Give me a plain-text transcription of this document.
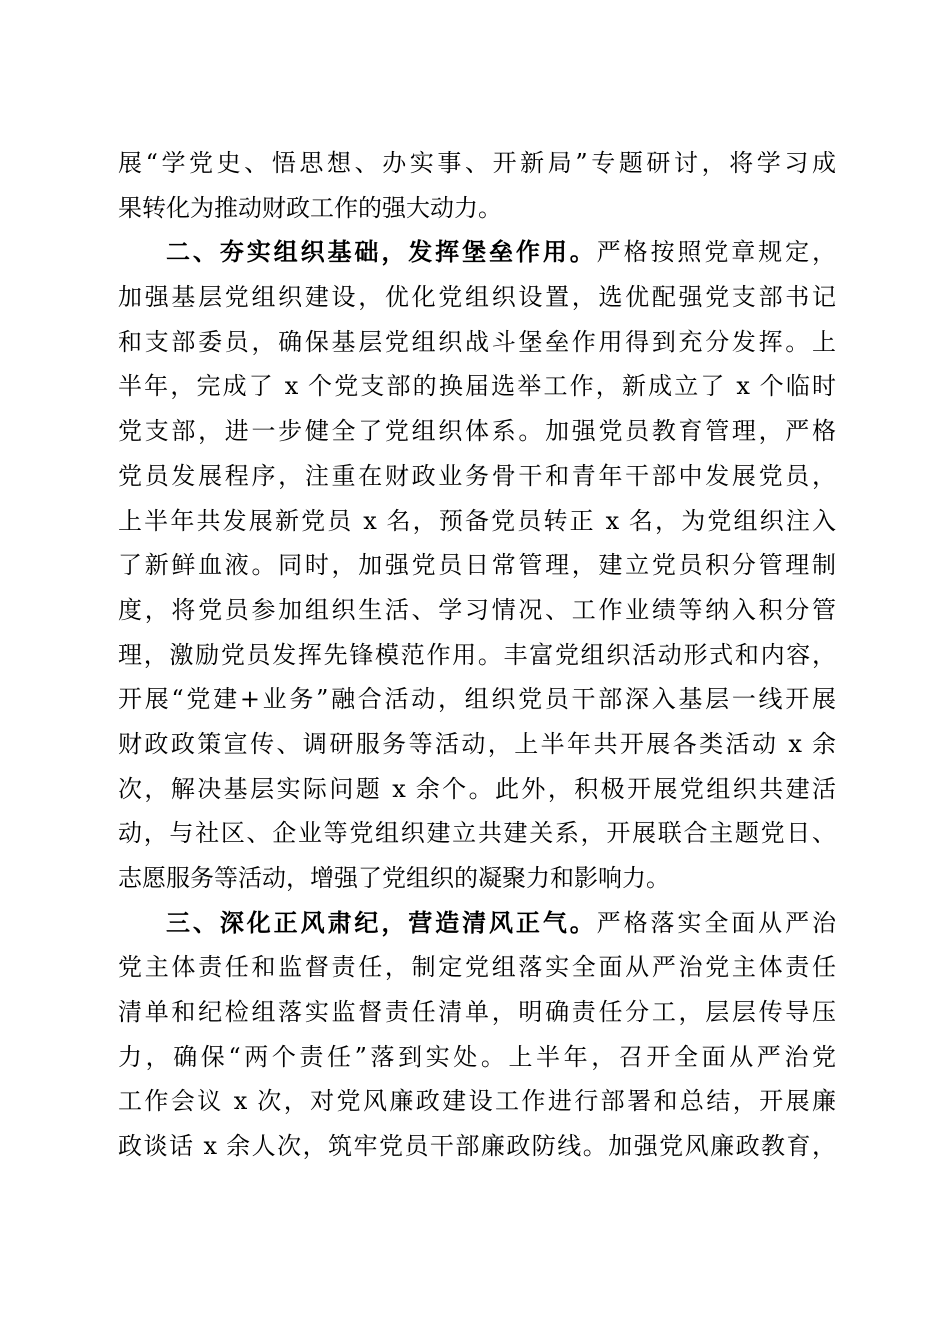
展“学党史、悟思想、办实事、开新局”专题研讨，将学习成
果转化为推动财政工作的强大动力。
二、夯实组织基础，发挥堡垒作用。严格按照党章规定，
加强基层党组织建设，优化党组织设置，选优配强党支部书记
和支部委员，确保基层党组织战斗堡垒作用得到充分发挥。上
半年，完成了 x 个党支部的换届选举工作，新成立了 x 个临时
党支部，进一步健全了党组织体系。加强党员教育管理，严格
党员发展程序，注重在财政业务骨干和青年干部中发展党员，
上半年共发展新党员 x 名，预备党员转正 x 名，为党组织注入
了新鲜血液。同时，加强党员日常管理，建立党员积分管理制
度，将党员参加组织生活、学习情况、工作业绩等纳入积分管
理，激励党员发挥先锋模范作用。丰富党组织活动形式和内容，
开展“党建+业务”融合活动，组织党员干部深入基层一线开展
财政政策宣传、调研服务等活动，上半年共开展各类活动 x 余
次，解决基层实际问题 x 余个。此外，积极开展党组织共建活
动，与社区、企业等党组织建立共建关系，开展联合主题党日、
志愿服务等活动，增强了党组织的凝聚力和影响力。
三、深化正风肃纪，营造清风正气。严格落实全面从严治
党主体责任和监督责任，制定党组落实全面从严治党主体责任
清单和纪检组落实监督责任清单，明确责任分工，层层传导压
力，确保“两个责任”落到实处。上半年，召开全面从严治党
工作会议 x 次，对党风廉政建设工作进行部署和总结，开展廉
政谈话 x 余人次，筑牢党员干部廉政防线。加强党风廉政教育，
